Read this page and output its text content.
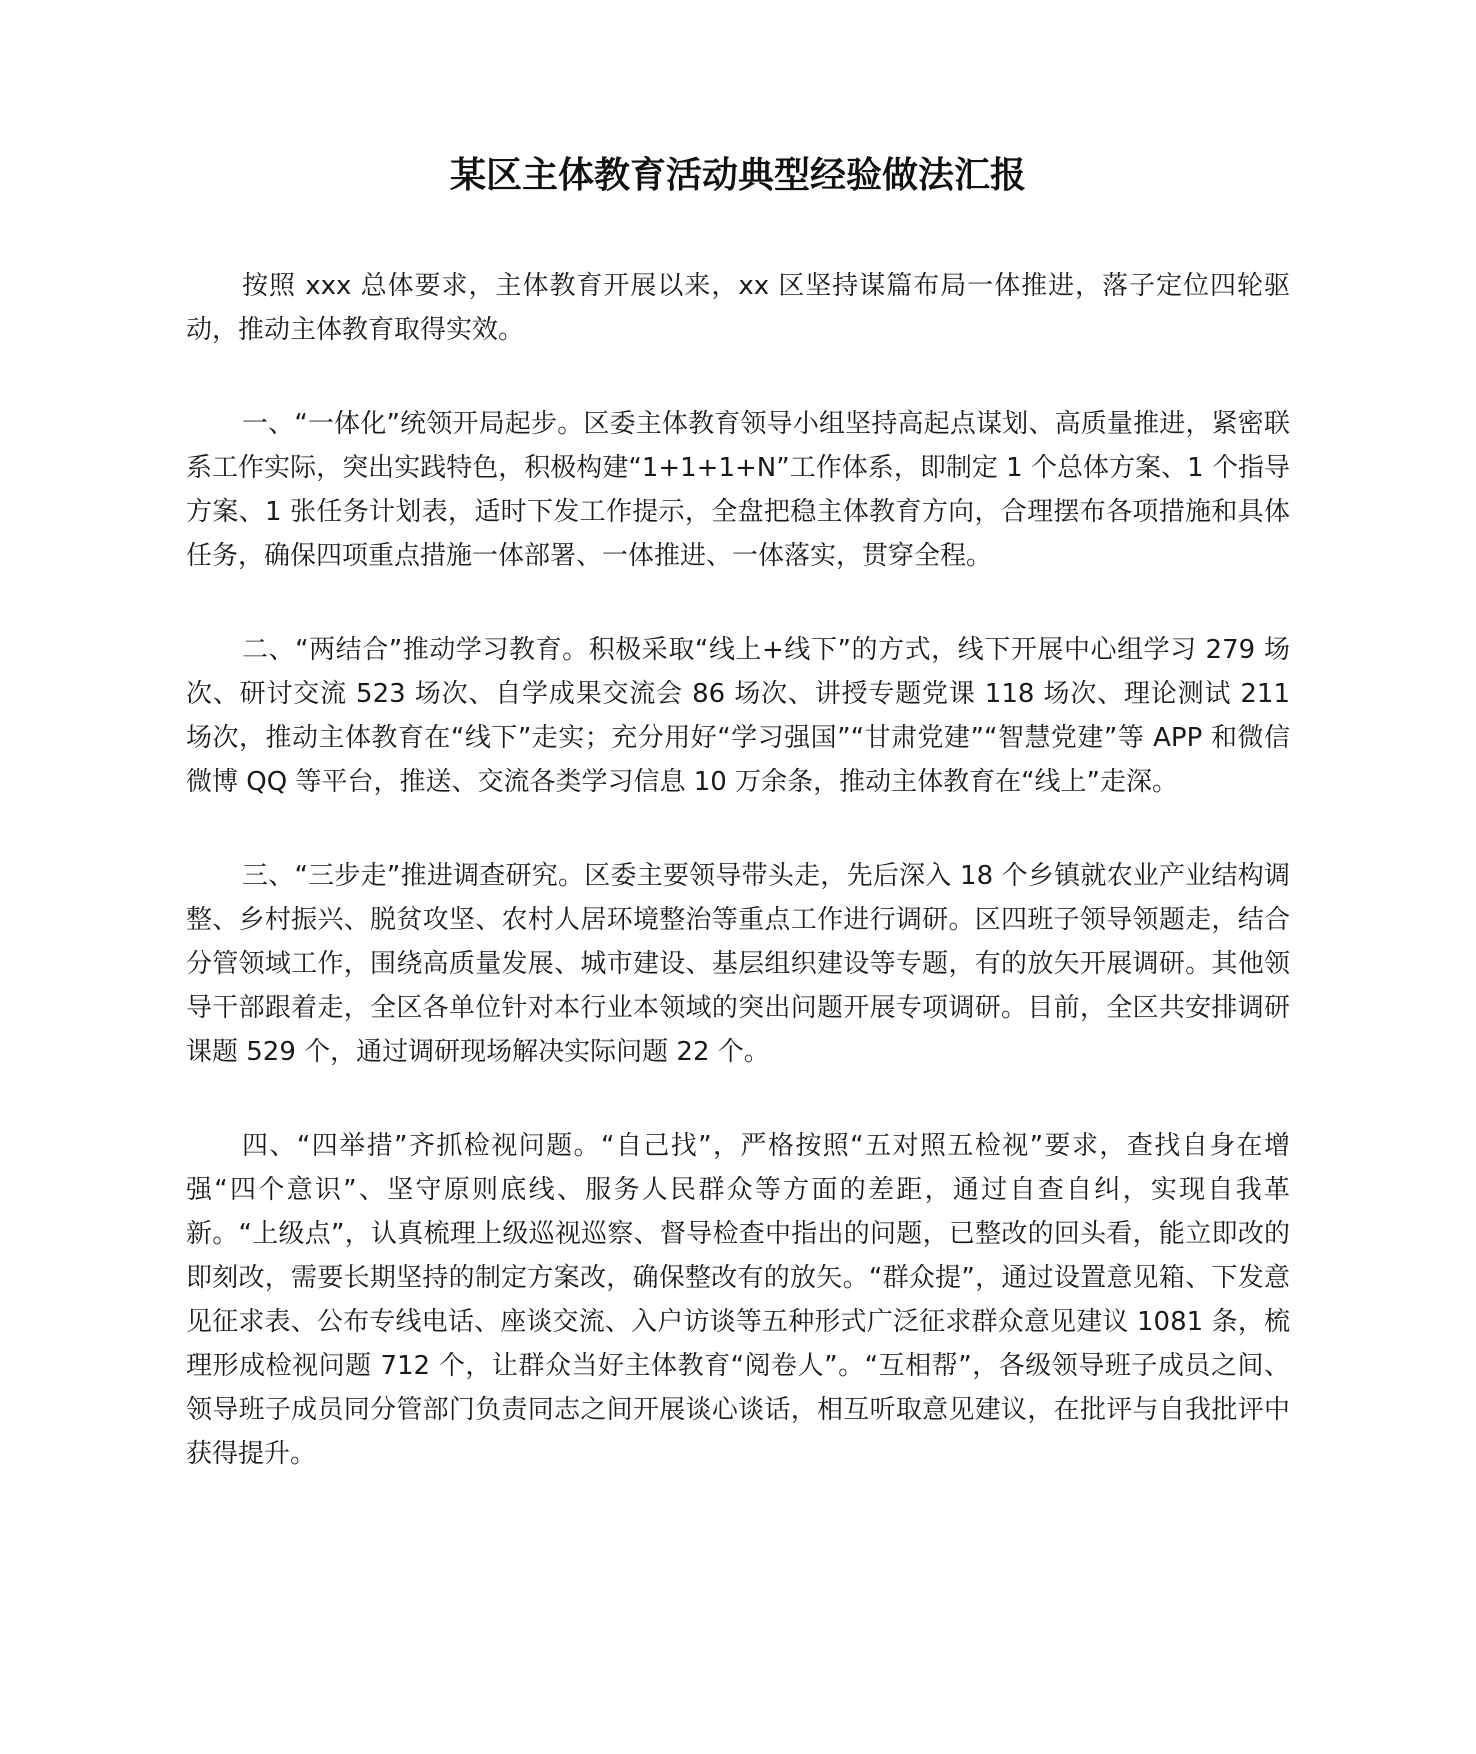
某区主体教育活动典型经验做法汇报

按照 xxx 总体要求，主体教育开展以来，xx 区坚持谋篇布局一体推进，落子定位四轮驱动，推动主体教育取得实效。

一、“一体化”统领开局起步。区委主体教育领导小组坚持高起点谋划、高质量推进，紧密联系工作实际，突出实践特色，积极构建“1+1+1+N”工作体系，即制定 1 个总体方案、1 个指导方案、1 张任务计划表，适时下发工作提示，全盘把稳主体教育方向，合理摆布各项措施和具体任务，确保四项重点措施一体部署、一体推进、一体落实，贯穿全程。

二、“两结合”推动学习教育。积极采取“线上+线下”的方式，线下开展中心组学习 279 场次、研讨交流 523 场次、自学成果交流会 86 场次、讲授专题党课 118 场次、理论测试 211 场次，推动主体教育在“线下”走实；充分用好“学习强国”“甘肃党建”“智慧党建”等 APP 和微信微博 QQ 等平台，推送、交流各类学习信息 10 万余条，推动主体教育在“线上”走深。

三、“三步走”推进调查研究。区委主要领导带头走，先后深入 18 个乡镇就农业产业结构调整、乡村振兴、脱贫攻坚、农村人居环境整治等重点工作进行调研。区四班子领导领题走，结合分管领域工作，围绕高质量发展、城市建设、基层组织建设等专题，有的放矢开展调研。其他领导干部跟着走，全区各单位针对本行业本领域的突出问题开展专项调研。目前，全区共安排调研课题 529 个，通过调研现场解决实际问题 22 个。

四、“四举措”齐抓检视问题。“自己找”，严格按照“五对照五检视”要求，查找自身在增强“四个意识”、坚守原则底线、服务人民群众等方面的差距，通过自查自纠，实现自我革新。“上级点”，认真梳理上级巡视巡察、督导检查中指出的问题，已整改的回头看，能立即改的即刻改，需要长期坚持的制定方案改，确保整改有的放矢。“群众提”，通过设置意见箱、下发意见征求表、公布专线电话、座谈交流、入户访谈等五种形式广泛征求群众意见建议 1081 条，梳理形成检视问题 712 个，让群众当好主体教育“阅卷人”。“互相帮”，各级领导班子成员之间、领导班子成员同分管部门负责同志之间开展谈心谈话，相互听取意见建议，在批评与自我批评中获得提升。
